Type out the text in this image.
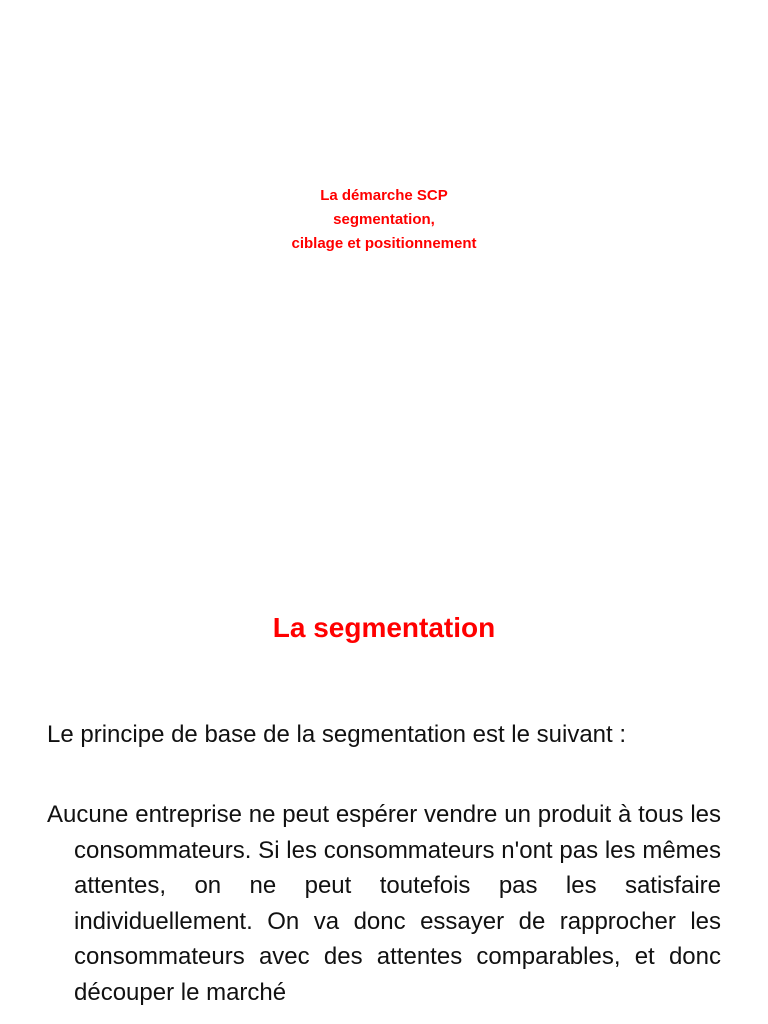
La démarche SCP
segmentation,
ciblage et positionnement
La segmentation
Le principe de base de la segmentation est le suivant :
Aucune entreprise ne peut espérer vendre un produit à tous les consommateurs. Si les consommateurs n'ont pas les mêmes attentes, on ne peut toutefois pas les satisfaire individuellement. On va donc essayer de rapprocher les consommateurs avec des attentes comparables, et donc découper le marché
